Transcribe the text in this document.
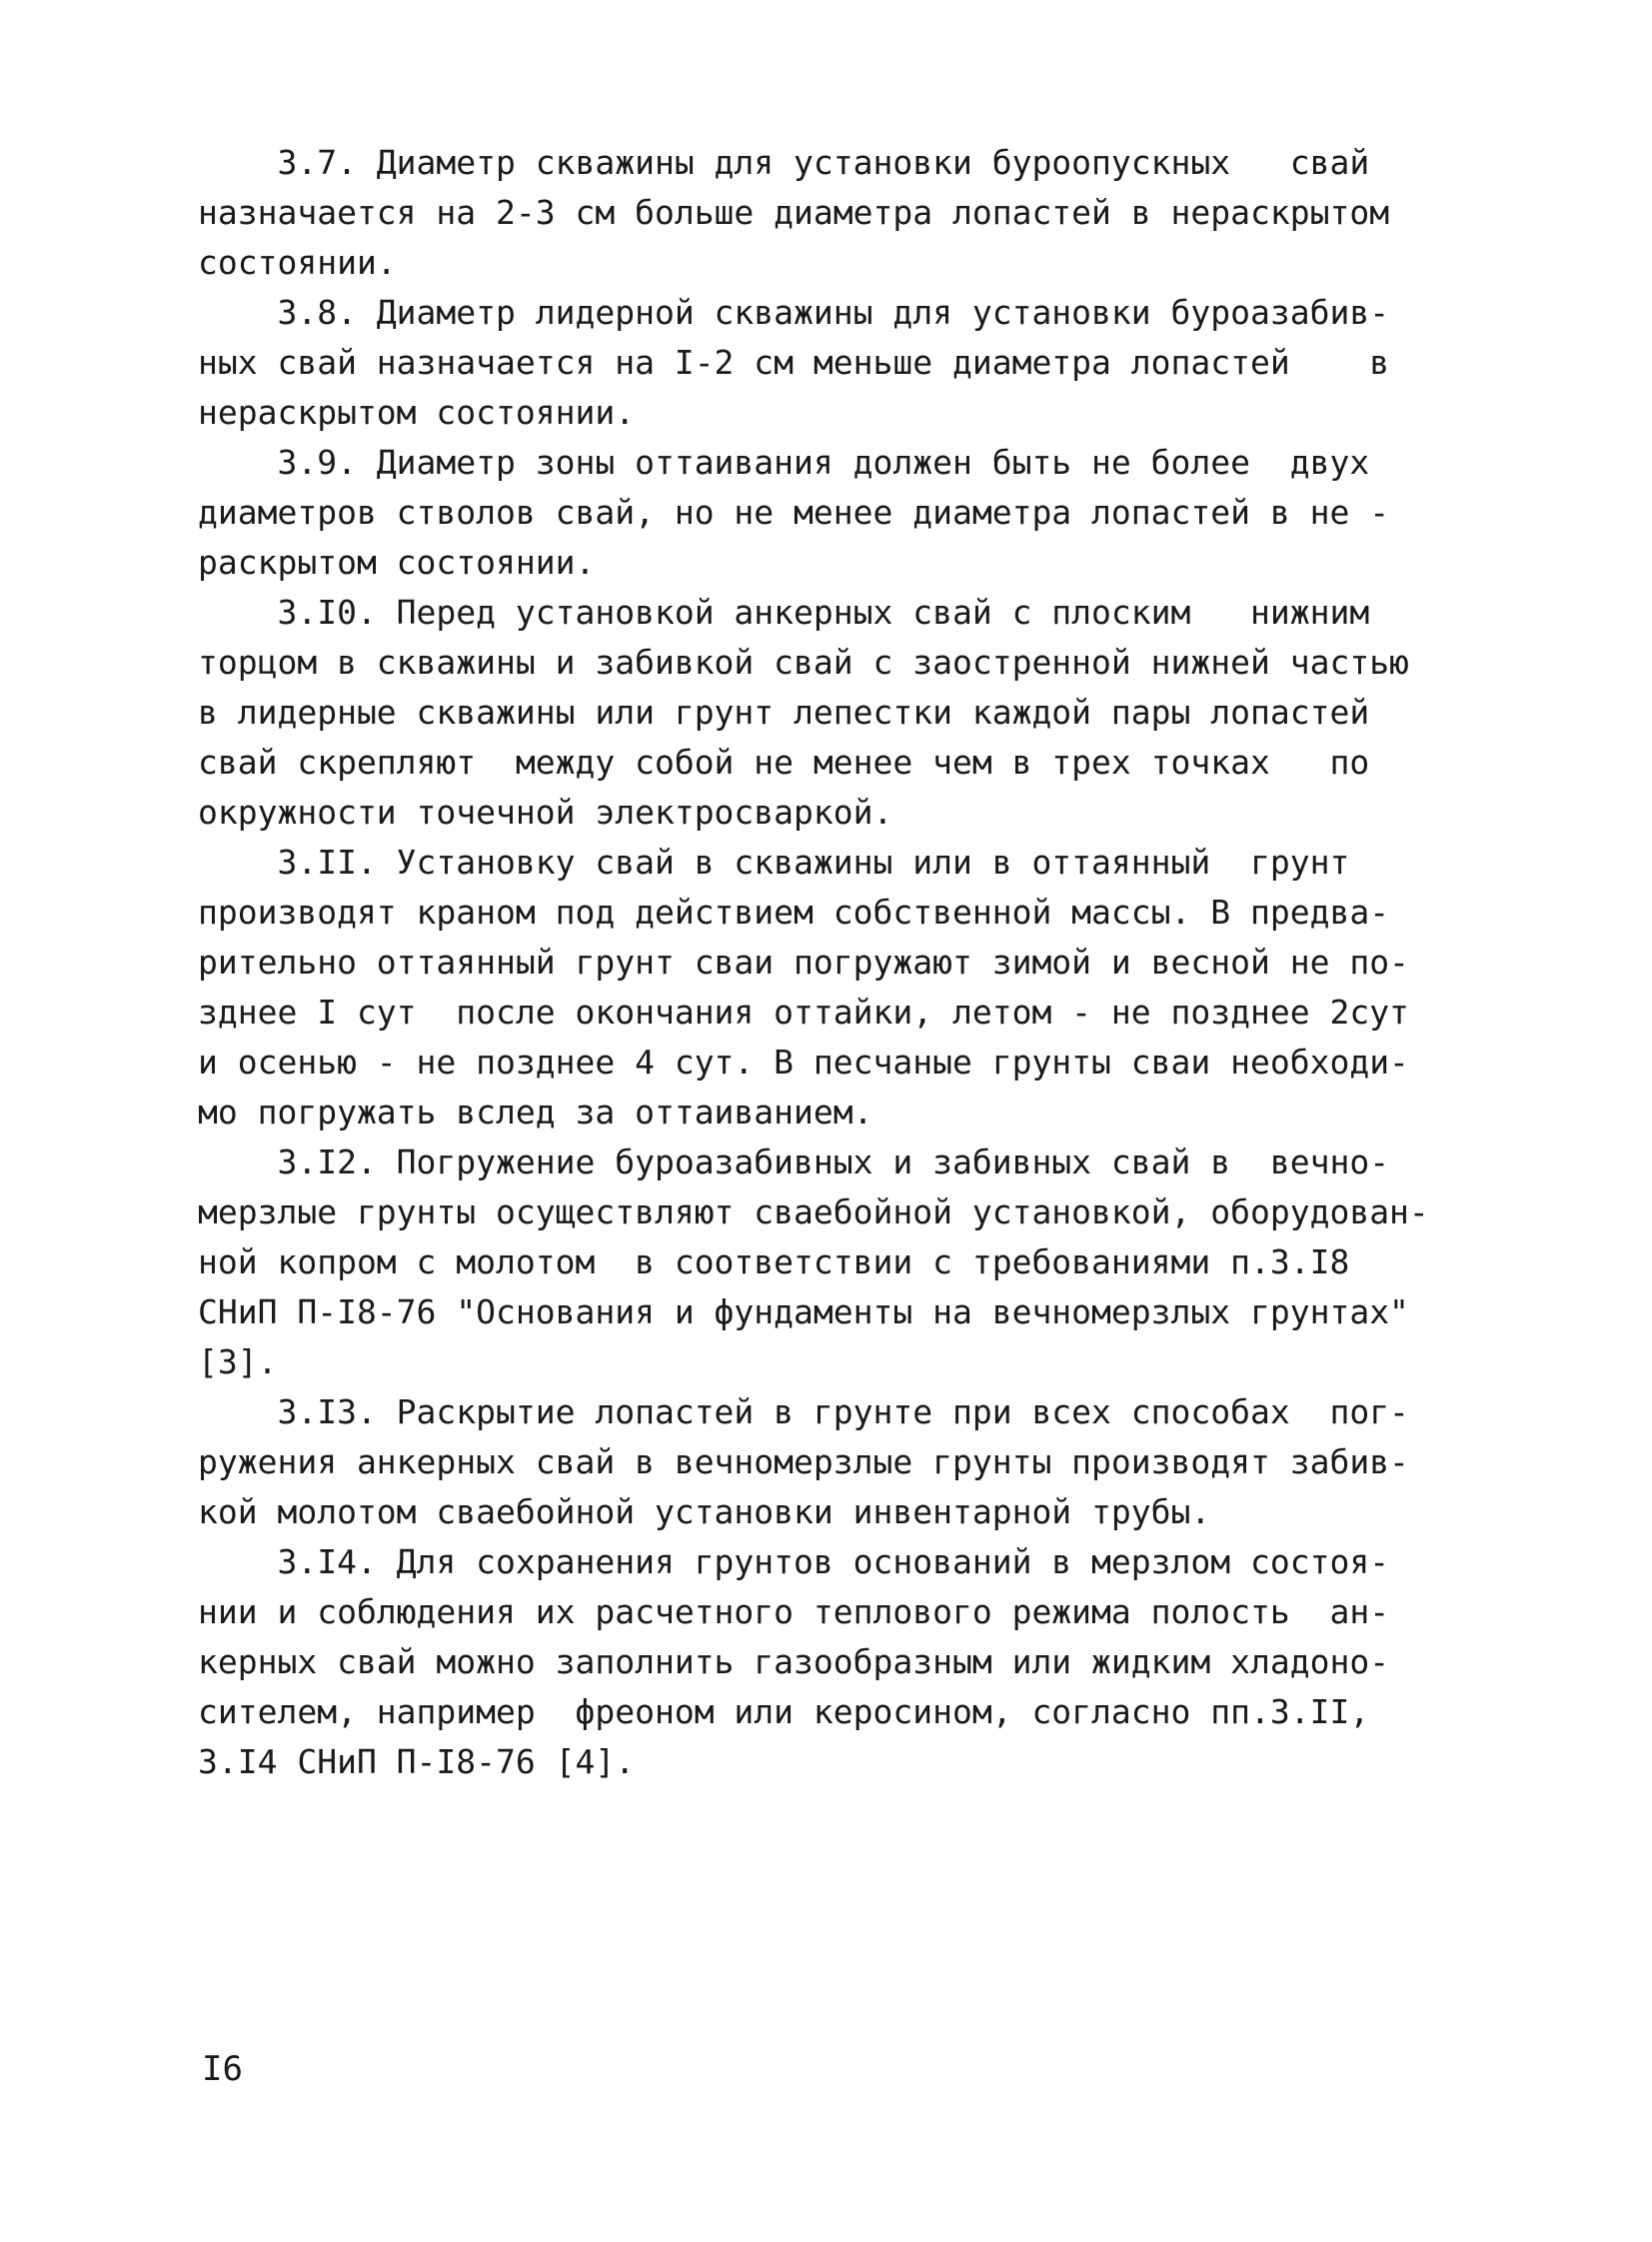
3.7. Диаметр скважины для установки буроопускных   свай
назначается на 2-3 см больше диаметра лопастей в нераскрытом
состоянии.
3.8. Диаметр лидерной скважины для установки буроазабив-
ных свай назначается на I-2 см меньше диаметра лопастей    в
нераскрытом состоянии.
3.9. Диаметр зоны оттаивания должен быть не более  двух
диаметров стволов свай, но не менее диаметра лопастей в не -
раскрытом состоянии.
3.I0. Перед установкой анкерных свай с плоским   нижним
торцом в скважины и забивкой свай с заостренной нижней частью
в лидерные скважины или грунт лепестки каждой пары лопастей
свай скрепляют  между собой не менее чем в трех точках   по
окружности точечной электросваркой.
3.II. Установку свай в скважины или в оттаянный  грунт
производят краном под действием собственной массы. В предва-
рительно оттаянный грунт сваи погружают зимой и весной не по-
зднее I сут  после окончания оттайки, летом - не позднее 2сут
и осенью - не позднее 4 сут. В песчаные грунты сваи необходи-
мо погружать вслед за оттаиванием.
3.I2. Погружение буроазабивных и забивных свай в  вечно-
мерзлые грунты осуществляют сваебойной установкой, оборудован-
ной копром с молотом  в соответствии с требованиями п.3.I8
СНиП П-I8-76 "Основания и фундаменты на вечномерзлых грунтах"
[3].
3.I3. Раскрытие лопастей в грунте при всех способах  пог-
ружения анкерных свай в вечномерзлые грунты производят забив-
кой молотом сваебойной установки инвентарной трубы.
3.I4. Для сохранения грунтов оснований в мерзлом состоя-
нии и соблюдения их расчетного теплового режима полость  ан-
керных свай можно заполнить газообразным или жидким хладоно-
сителем, например  фреоном или керосином, согласно пп.3.II,
3.I4 СНиП П-I8-76 [4].
I6
